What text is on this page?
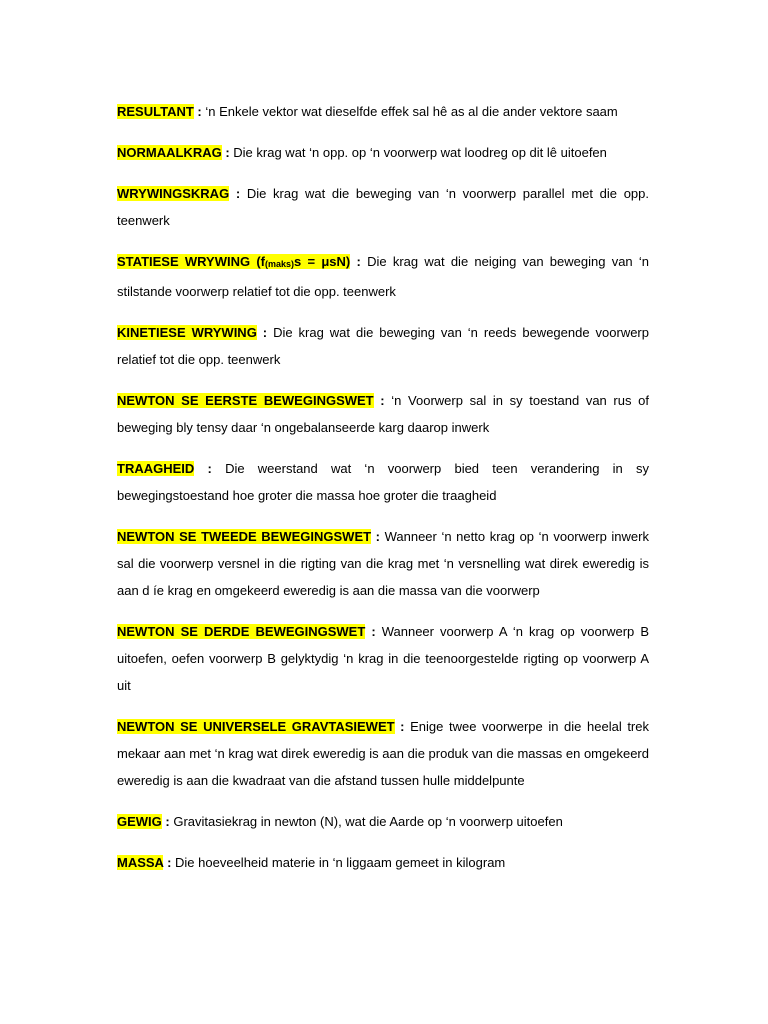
RESULTANT : ‘n Enkele vektor wat dieselfde effek sal hê as al die ander vektore saam

NORMAALKRAG : Die krag wat ‘n opp. op ‘n voorwerp wat loodreg op dit lê uitoefen

WRYWINGSKRAG : Die krag wat die beweging van ‘n voorwerp parallel met die opp. teenwerk

STATIESE WRYWING (f(maks)s = μsN) : Die krag wat die neiging van beweging van ‘n stilstande voorwerp relatief tot die opp. teenwerk

KINETIESE WRYWING : Die krag wat die beweging van ‘n reeds bewegende voorwerp relatief tot die opp. teenwerk

NEWTON SE EERSTE BEWEGINGSWET : ‘n Voorwerp sal in sy toestand van rus of beweging bly tensy daar ‘n ongebalanseerde karg daarop inwerk

TRAAGHEID : Die weerstand wat ‘n voorwerp bied teen verandering in sy bewegingstoestand hoe groter die massa hoe groter die traagheid

NEWTON SE TWEEDE BEWEGINGSWET : Wanneer ‘n netto krag op ‘n voorwerp inwerk sal die voorwerp versnel in die rigting van die krag met ‘n versnelling wat direk eweredig is aan d íe krag en omgekeerd eweredig is aan die massa van die voorwerp

NEWTON SE DERDE BEWEGINGSWET : Wanneer voorwerp A ‘n krag op voorwerp B uitoefen, oefen voorwerp B gelyktydig ‘n krag in die teenoorgestelde rigting op voorwerp A uit

NEWTON SE UNIVERSELE GRAVTASIEWET : Enige twee voorwerpe in die heelal trek mekaar aan met ‘n krag wat direk eweredig is aan die produk van die massas en omgekeerd eweredig is aan die kwadraat van die afstand tussen hulle middelpunte

GEWIG : Gravitasiekrag in newton (N), wat die Aarde op ‘n voorwerp uitoefen

MASSA : Die hoeveelheid materie in ‘n liggaam gemeet in kilogram
